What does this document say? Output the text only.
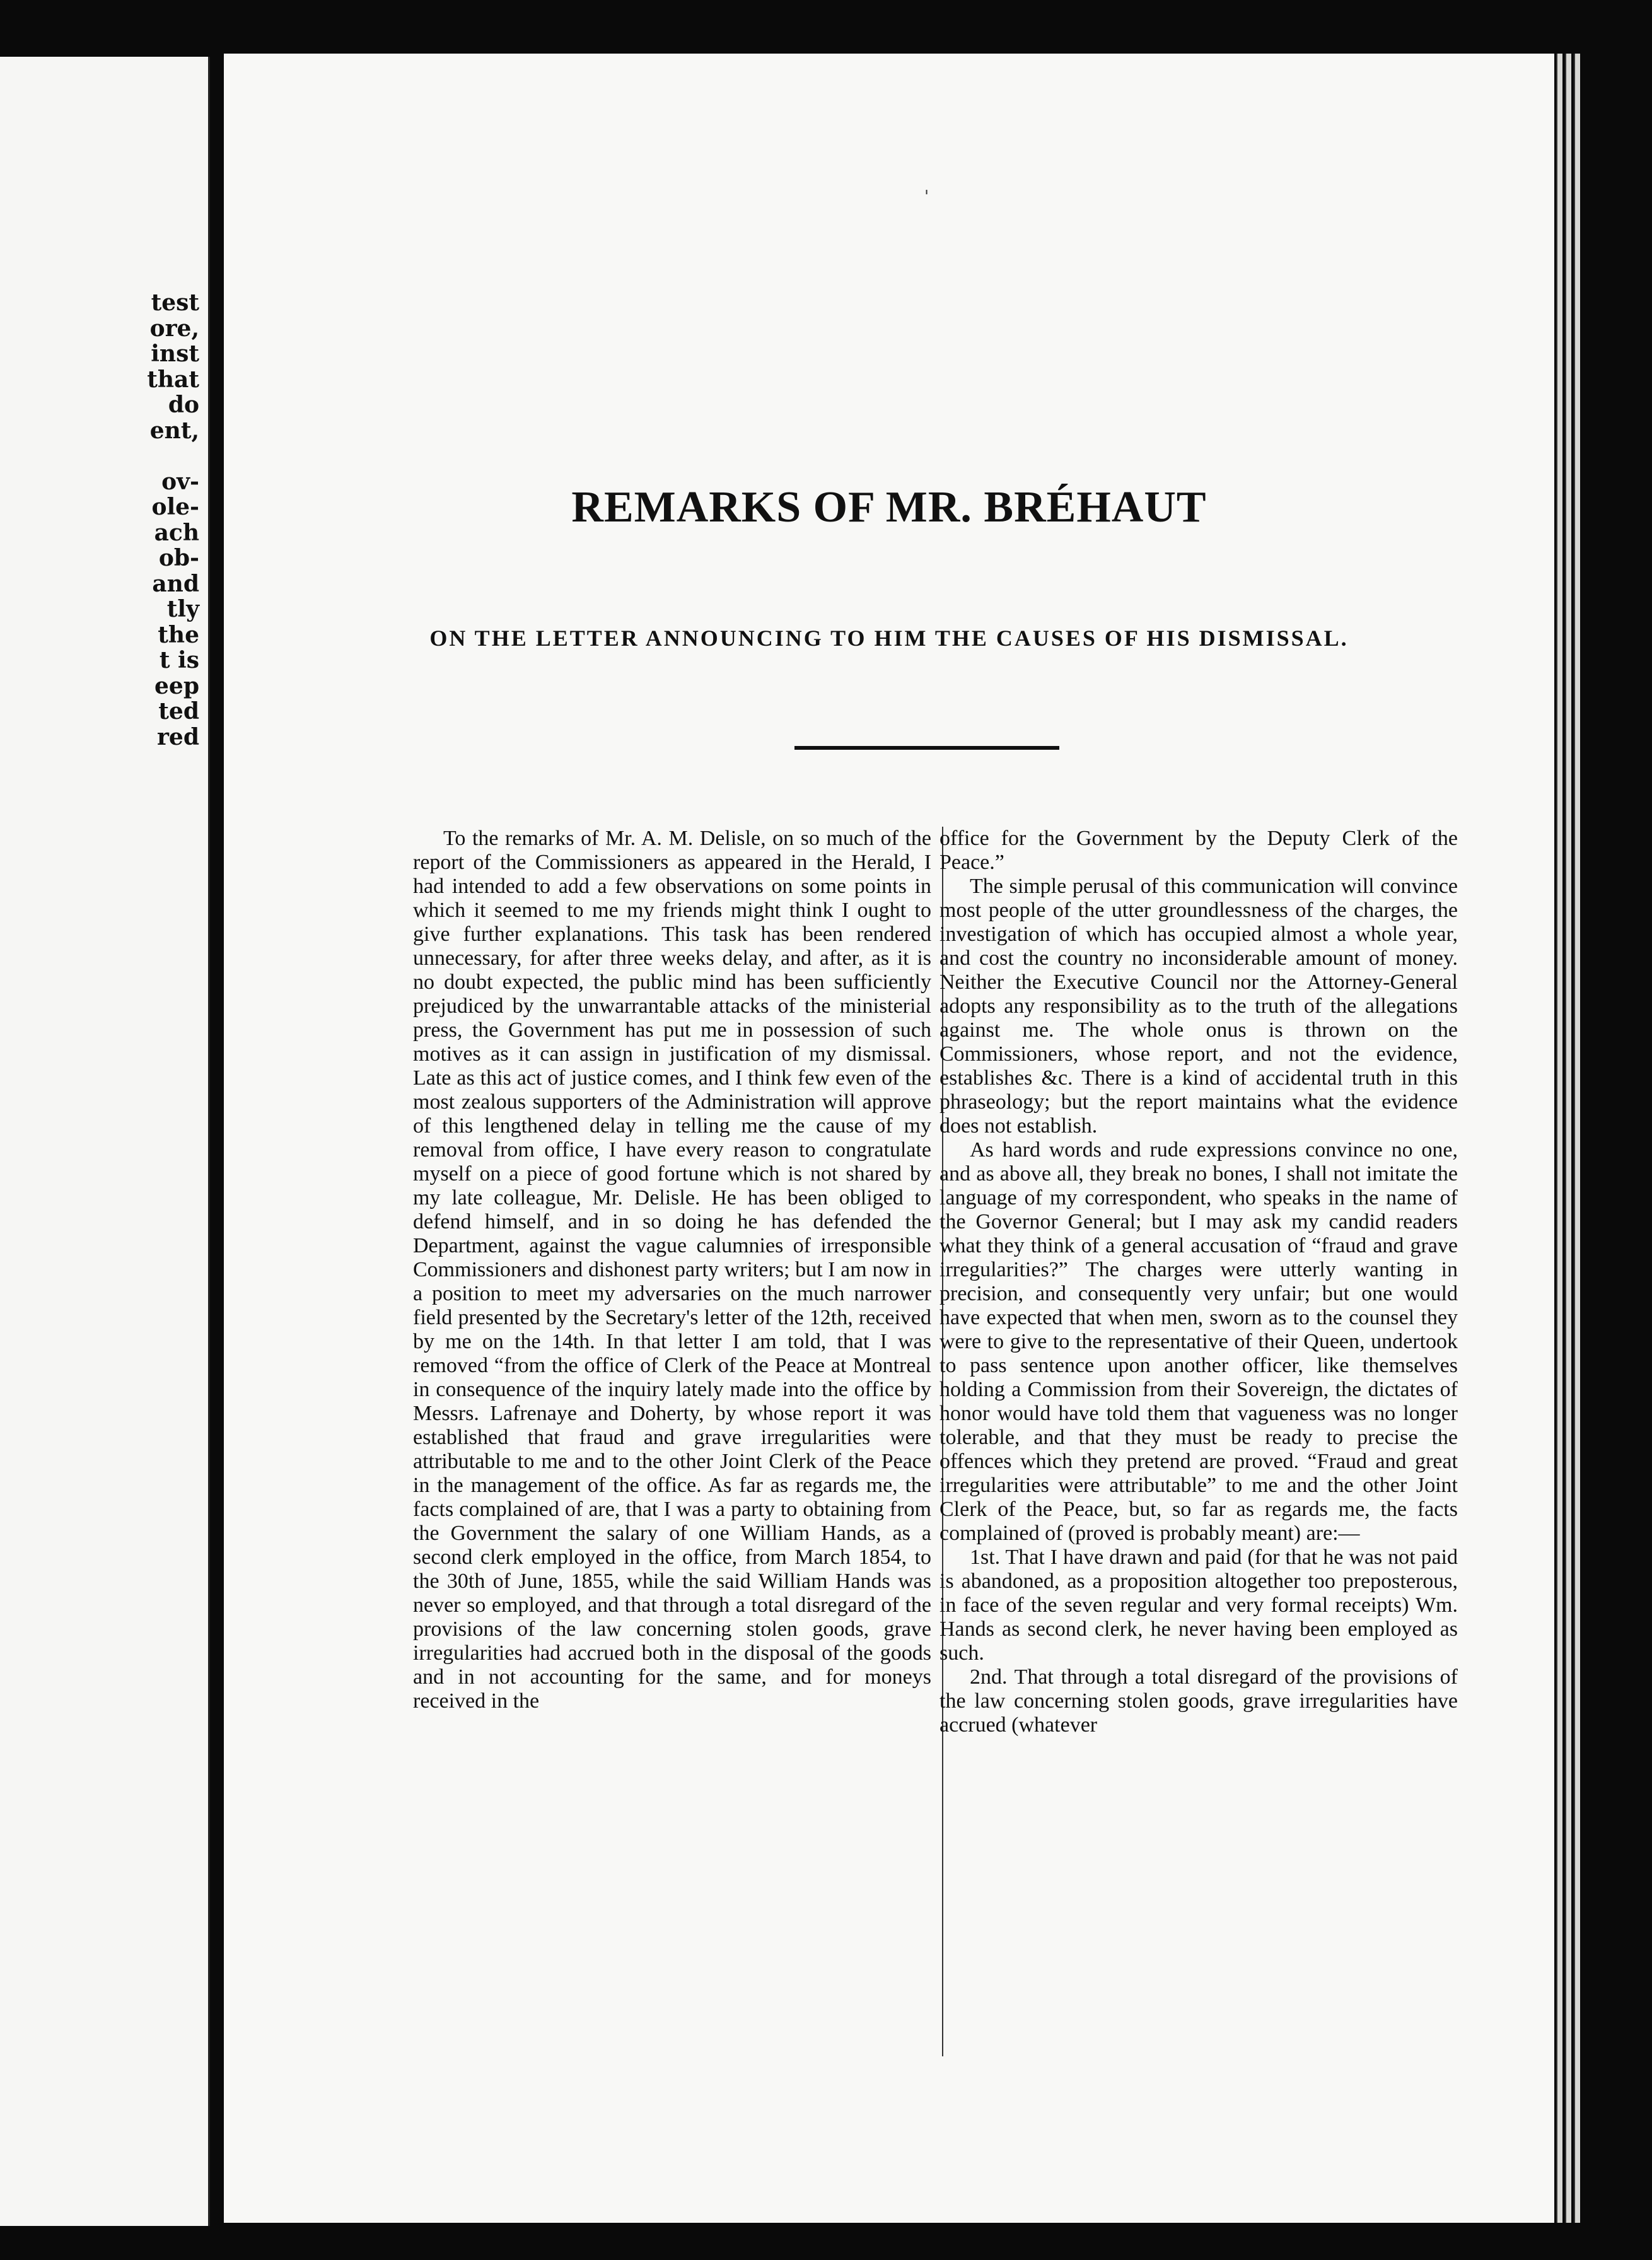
test
ore,
inst
that
do
ent,

ov-
ole-
ach
ob-
and
tly
the
t is
eep
ted
red
'
REMARKS OF MR. BRÉHAUT
ON THE LETTER ANNOUNCING TO HIM THE CAUSES OF HIS DISMISSAL.

To the remarks of Mr. A. M. Delisle, on so much of the report of the Commissioners as appeared in the Herald, I had intended to add a few observations on some points in which it seemed to me my friends might think I ought to give further explanations. This task has been rendered unnecessary, for after three weeks delay, and after, as it is no doubt expected, the public mind has been sufficiently prejudiced by the unwarrantable attacks of the ministerial press, the Government has put me in possession of such motives as it can assign in justification of my dismissal. Late as this act of justice comes, and I think few even of the most zealous supporters of the Administration will approve of this lengthened delay in telling me the cause of my removal from office, I have every reason to congratulate myself on a piece of good fortune which is not shared by my late colleague, Mr. Delisle. He has been obliged to defend himself, and in so doing he has defended the Department, against the vague calumnies of irresponsible Commissioners and dishonest party writers; but I am now in a position to meet my adversaries on the much narrower field presented by the Secretary's letter of the 12th, received by me on the 14th. In that letter I am told, that I was removed “from the office of Clerk of the Peace at Montreal in consequence of the inquiry lately made into the office by Messrs. Lafrenaye and Doherty, by whose report it was established that fraud and grave irregularities were attributable to me and to the other Joint Clerk of the Peace in the management of the office. As far as regards me, the facts complained of are, that I was a party to obtaining from the Government the salary of one William Hands, as a second clerk employed in the office, from March 1854, to the 30th of June, 1855, while the said William Hands was never so employed, and that through a total disregard of the provisions of the law concerning stolen goods, grave irregularities had accrued both in the disposal of the goods and in not accounting for the same, and for moneys received in the

office for the Government by the Deputy Clerk of the Peace.”

The simple perusal of this communication will convince most people of the utter groundlessness of the charges, the investigation of which has occupied almost a whole year, and cost the country no inconsiderable amount of money. Neither the Executive Council nor the Attorney-General adopts any responsibility as to the truth of the allegations against me. The whole onus is thrown on the Commissioners, whose report, and not the evidence, establishes &c. There is a kind of accidental truth in this phraseology; but the report maintains what the evidence does not establish.

As hard words and rude expressions convince no one, and as above all, they break no bones, I shall not imitate the language of my correspondent, who speaks in the name of the Governor General; but I may ask my candid readers what they think of a general accusation of “fraud and grave irregularities?” The charges were utterly wanting in precision, and consequently very unfair; but one would have expected that when men, sworn as to the counsel they were to give to the representative of their Queen, undertook to pass sentence upon another officer, like themselves holding a Commission from their Sovereign, the dictates of honor would have told them that vagueness was no longer tolerable, and that they must be ready to precise the offences which they pretend are proved. “Fraud and great irregularities were attributable” to me and the other Joint Clerk of the Peace, but, so far as regards me, the facts complained of (proved is probably meant) are:—

1st. That I have drawn and paid (for that he was not paid is abandoned, as a proposition altogether too preposterous, in face of the seven regular and very formal receipts) Wm. Hands as second clerk, he never having been employed as such.

2nd. That through a total disregard of the provisions of the law concerning stolen goods, grave irregularities have accrued (whatever
